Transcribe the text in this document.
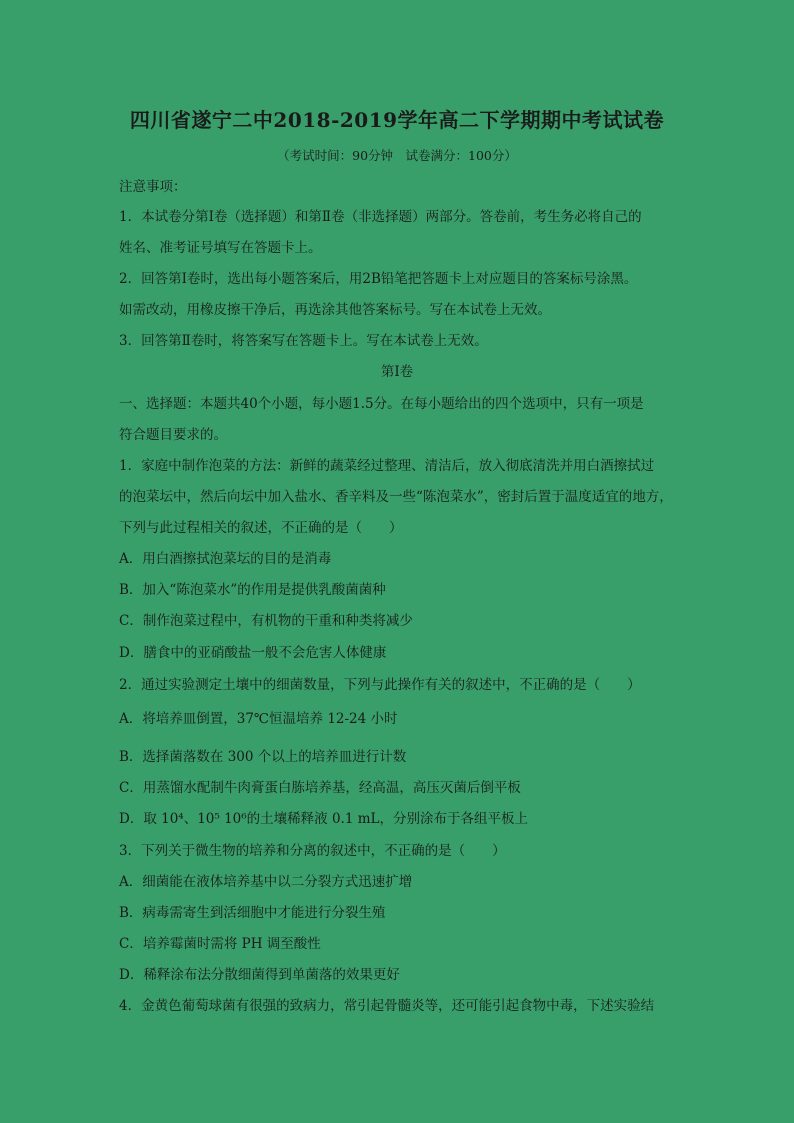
四川省遂宁二中2018-2019学年高二下学期期中考试试卷
（考试时间：90分钟　试卷满分：100分）
注意事项：
1．本试卷分第Ⅰ卷（选择题）和第Ⅱ卷（非选择题）两部分。答卷前，考生务必将自己的
姓名、准考证号填写在答题卡上。
2．回答第Ⅰ卷时，选出每小题答案后，用2B铅笔把答题卡上对应题目的答案标号涂黑。
如需改动，用橡皮擦干净后，再选涂其他答案标号。写在本试卷上无效。
3．回答第Ⅱ卷时，将答案写在答题卡上。写在本试卷上无效。
第Ⅰ卷
一、选择题：本题共40个小题，每小题1.5分。在每小题给出的四个选项中，只有一项是
符合题目要求的。
1．家庭中制作泡菜的方法：新鲜的蔬菜经过整理、清洁后，放入彻底清洗并用白酒擦拭过
的泡菜坛中，然后向坛中加入盐水、香辛料及一些“陈泡菜水”，密封后置于温度适宜的地方，
下列与此过程相关的叙述，不正确的是（　　）
A．用白酒擦拭泡菜坛的目的是消毒
B．加入“陈泡菜水”的作用是提供乳酸菌菌种
C．制作泡菜过程中，有机物的干重和种类将减少
D．膳食中的亚硝酸盐一般不会危害人体健康
2．通过实验测定土壤中的细菌数量，下列与此操作有关的叙述中，不正确的是（　　）
A．将培养皿倒置，37℃恒温培养 12-24 小时
B．选择菌落数在 300 个以上的培养皿进行计数
C．用蒸馏水配制牛肉膏蛋白胨培养基，经高温，高压灭菌后倒平板
D．取 10⁴、10⁵ 10⁶的土壤稀释液 0.1 mL，分别涂布于各组平板上
3．下列关于微生物的培养和分离的叙述中，不正确的是（　　）
A．细菌能在液体培养基中以二分裂方式迅速扩增
B．病毒需寄生到活细胞中才能进行分裂生殖
C．培养霉菌时需将 PH 调至酸性
D．稀释涂布法分散细菌得到单菌落的效果更好
4．金黄色葡萄球菌有很强的致病力，常引起骨髓炎等，还可能引起食物中毒，下述实验结
